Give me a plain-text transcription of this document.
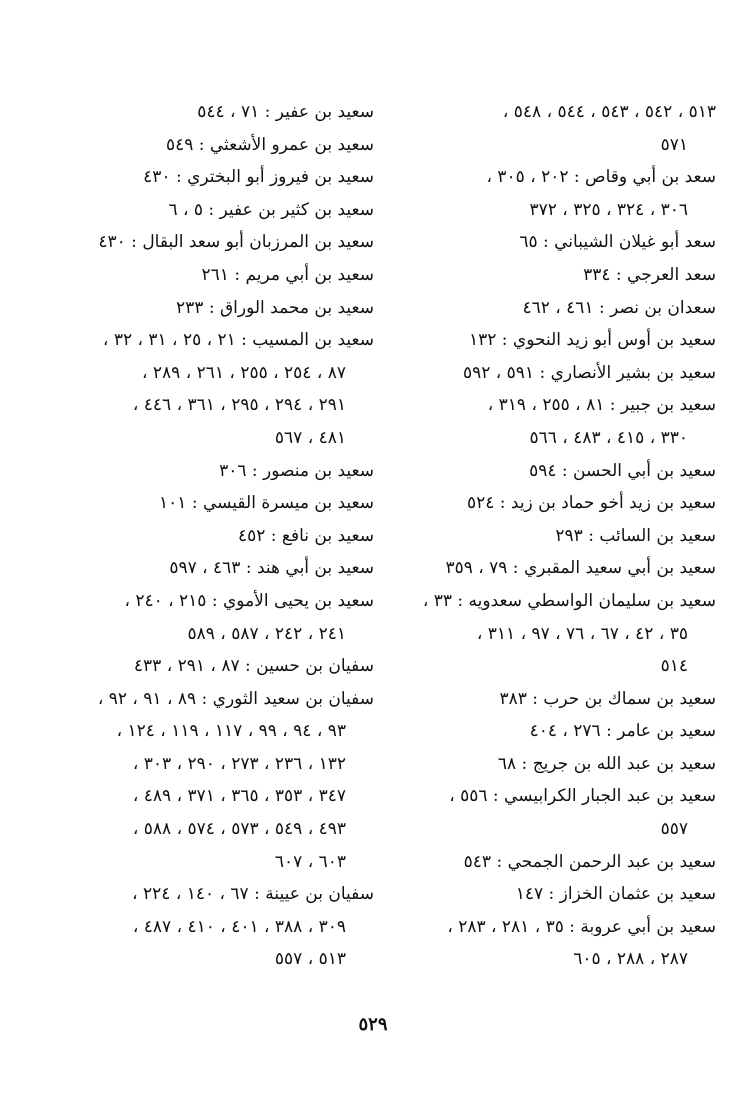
٥١٣ ، ٥٤٢ ، ٥٤٣ ، ٥٤٤ ، ٥٤٨ ،
٥٧١
سعد بن أبي وقاص : ٢٠٢ ، ٣٠٥ ،
٣٠٦ ، ٣٢٤ ، ٣٢٥ ، ٣٧٢
سعد أبو غيلان الشيباني : ٦٥
سعد العرجي : ٣٣٤
سعدان بن نصر : ٤٦١ ، ٤٦٢
سعيد بن أوس أبو زيد النحوي : ١٣٢
سعيد بن بشير الأنصاري : ٥٩١ ، ٥٩٢
سعيد بن جبير : ٨١ ، ٢٥٥ ، ٣١٩ ،
٣٣٠ ، ٤١٥ ، ٤٨٣ ، ٥٦٦
سعيد بن أبي الحسن : ٥٩٤
سعيد بن زيد أخو حماد بن زيد : ٥٢٤
سعيد بن السائب : ٢٩٣
سعيد بن أبي سعيد المقبري : ٧٩ ، ٣٥٩
سعيد بن سليمان الواسطي سعدويه : ٣٣ ،
٣٥ ، ٤٢ ، ٦٧ ، ٧٦ ، ٩٧ ، ٣١١ ،
٥١٤
سعيد بن سماك بن حرب : ٣٨٣
سعيد بن عامر : ٢٧٦ ، ٤٠٤
سعيد بن عبد الله بن جريج : ٦٨
سعيد بن عبد الجبار الكرابيسي : ٥٥٦ ،
٥٥٧
سعيد بن عبد الرحمن الجمحي : ٥٤٣
سعيد بن عثمان الخزاز : ١٤٧
سعيد بن أبي عروبة : ٣٥ ، ٢٨١ ، ٢٨٣ ،
٢٨٧ ، ٢٨٨ ، ٦٠٥
سعيد بن عفير : ٧١ ، ٥٤٤
سعيد بن عمرو الأشعثي : ٥٤٩
سعيد بن فيروز أبو البختري : ٤٣٠
سعيد بن كثير بن عفير : ٥ ، ٦
سعيد بن المرزبان أبو سعد البقال : ٤٣٠
سعيد بن أبي مريم : ٢٦١
سعيد بن محمد الوراق : ٢٣٣
سعيد بن المسيب : ٢١ ، ٢٥ ، ٣١ ، ٣٢ ،
٨٧ ، ٢٥٤ ، ٢٥٥ ، ٢٦١ ، ٢٨٩ ،
٢٩١ ، ٢٩٤ ، ٢٩٥ ، ٣٦١ ، ٤٤٦ ،
٤٨١ ، ٥٦٧
سعيد بن منصور : ٣٠٦
سعيد بن ميسرة القيسي : ١٠١
سعيد بن نافع : ٤٥٢
سعيد بن أبي هند : ٤٦٣ ، ٥٩٧
سعيد بن يحيى الأموي : ٢١٥ ، ٢٤٠ ،
٢٤١ ، ٢٤٢ ، ٥٨٧ ، ٥٨٩
سفيان بن حسين : ٨٧ ، ٢٩١ ، ٤٣٣
سفيان بن سعيد الثوري : ٨٩ ، ٩١ ، ٩٢ ،
٩٣ ، ٩٤ ، ٩٩ ، ١١٧ ، ١١٩ ، ١٢٤ ،
١٣٢ ، ٢٣٦ ، ٢٧٣ ، ٢٩٠ ، ٣٠٣ ،
٣٤٧ ، ٣٥٣ ، ٣٦٥ ، ٣٧١ ، ٤٨٩ ،
٤٩٣ ، ٥٤٩ ، ٥٧٣ ، ٥٧٤ ، ٥٨٨ ،
٦٠٣ ، ٦٠٧
سفيان بن عيينة : ٦٧ ، ١٤٠ ، ٢٢٤ ،
٣٠٩ ، ٣٨٨ ، ٤٠١ ، ٤١٠ ، ٤٨٧ ،
٥١٣ ، ٥٥٧
٥٢٩
